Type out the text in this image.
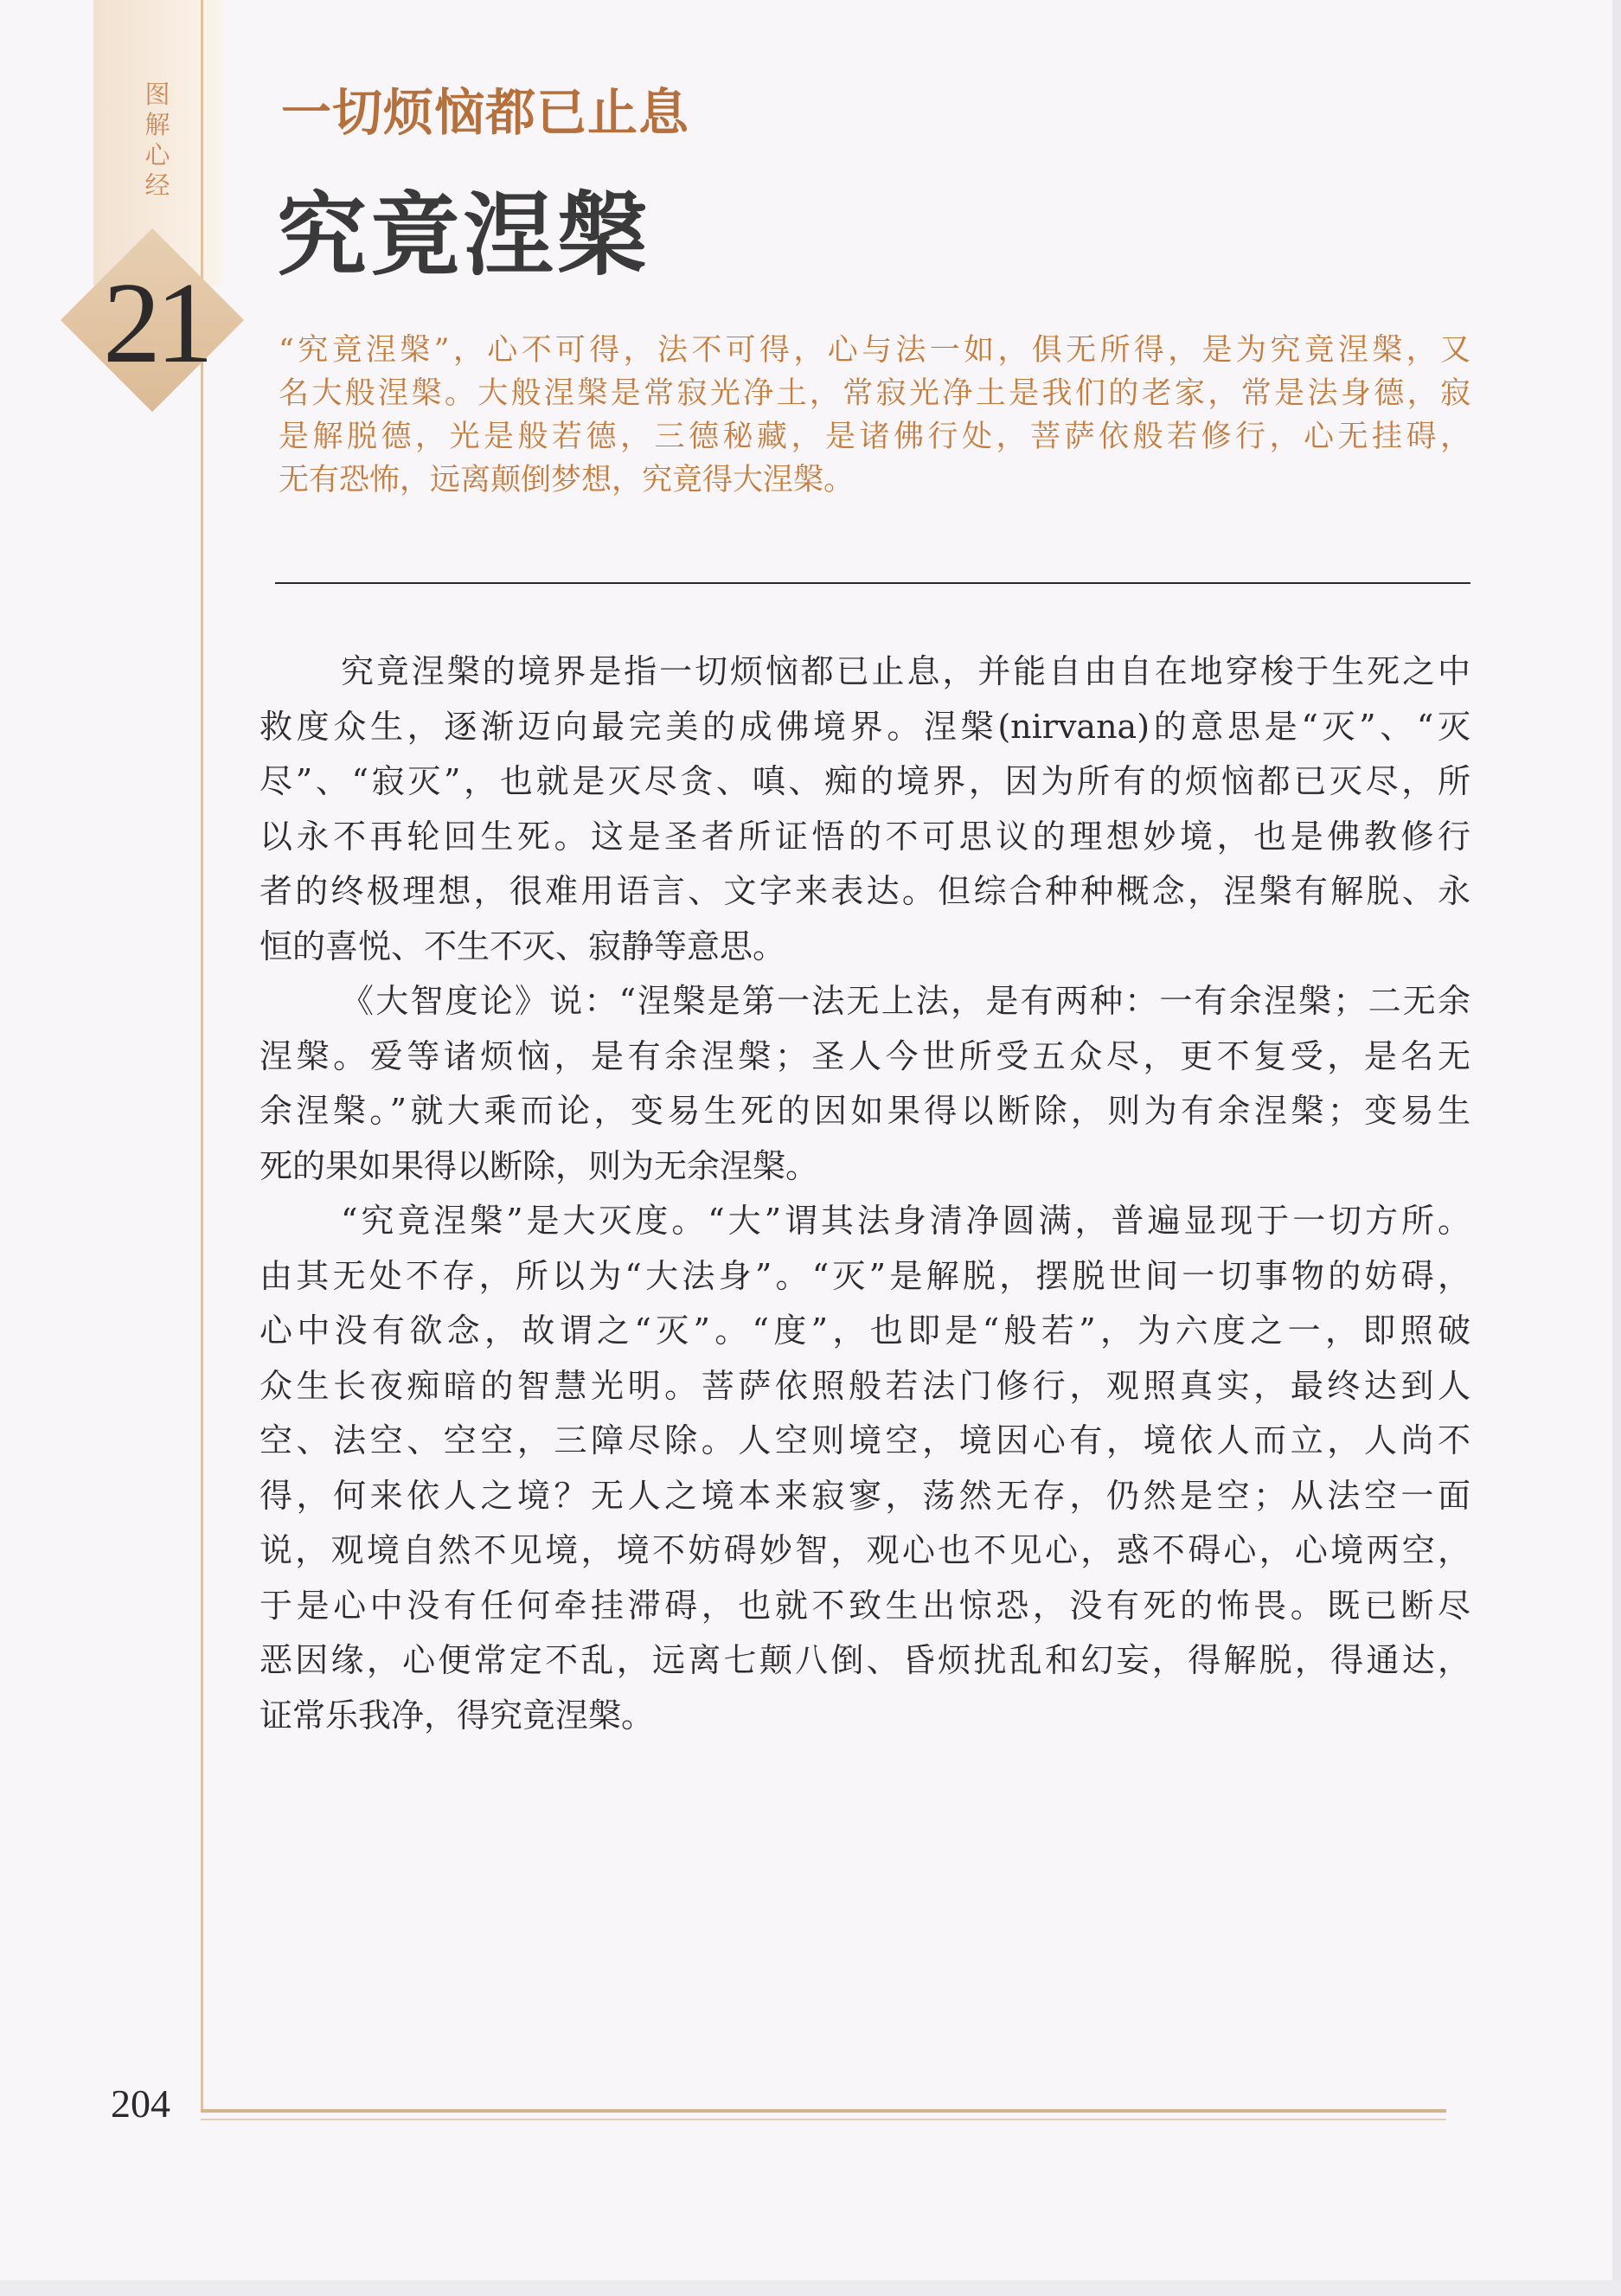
图
解
心
经
21
一切烦恼都已止息
究竟涅槃
“究竟涅槃”，心不可得，法不可得，心与法一如，俱无所得，是为究竟涅槃，又
名大般涅槃。大般涅槃是常寂光净土，常寂光净土是我们的老家，常是法身德，寂
是解脱德，光是般若德，三德秘藏，是诸佛行处，菩萨依般若修行，心无挂碍，
无有恐怖，远离颠倒梦想，究竟得大涅槃。
究竟涅槃的境界是指一切烦恼都已止息，并能自由自在地穿梭于生死之中
救度众生，逐渐迈向最完美的成佛境界。涅槃(nirvana)的意思是“灭”、“灭
尽”、“寂灭”，也就是灭尽贪、嗔、痴的境界，因为所有的烦恼都已灭尽，所
以永不再轮回生死。这是圣者所证悟的不可思议的理想妙境，也是佛教修行
者的终极理想，很难用语言、文字来表达。但综合种种概念，涅槃有解脱、永
恒的喜悦、不生不灭、寂静等意思。
《大智度论》说：“涅槃是第一法无上法，是有两种：一有余涅槃；二无余
涅槃。爱等诸烦恼，是有余涅槃；圣人今世所受五众尽，更不复受，是名无
余涅槃。”就大乘而论，变易生死的因如果得以断除，则为有余涅槃；变易生
死的果如果得以断除，则为无余涅槃。
“究竟涅槃”是大灭度。“大”谓其法身清净圆满，普遍显现于一切方所。
由其无处不存，所以为“大法身”。“灭”是解脱，摆脱世间一切事物的妨碍，
心中没有欲念，故谓之“灭”。“度”，也即是“般若”，为六度之一，即照破
众生长夜痴暗的智慧光明。菩萨依照般若法门修行，观照真实，最终达到人
空、法空、空空，三障尽除。人空则境空，境因心有，境依人而立，人尚不
得，何来依人之境？无人之境本来寂寥，荡然无存，仍然是空；从法空一面
说，观境自然不见境，境不妨碍妙智，观心也不见心，惑不碍心，心境两空，
于是心中没有任何牵挂滞碍，也就不致生出惊恐，没有死的怖畏。既已断尽
恶因缘，心便常定不乱，远离七颠八倒、昏烦扰乱和幻妄，得解脱，得通达，
证常乐我净，得究竟涅槃。
204
